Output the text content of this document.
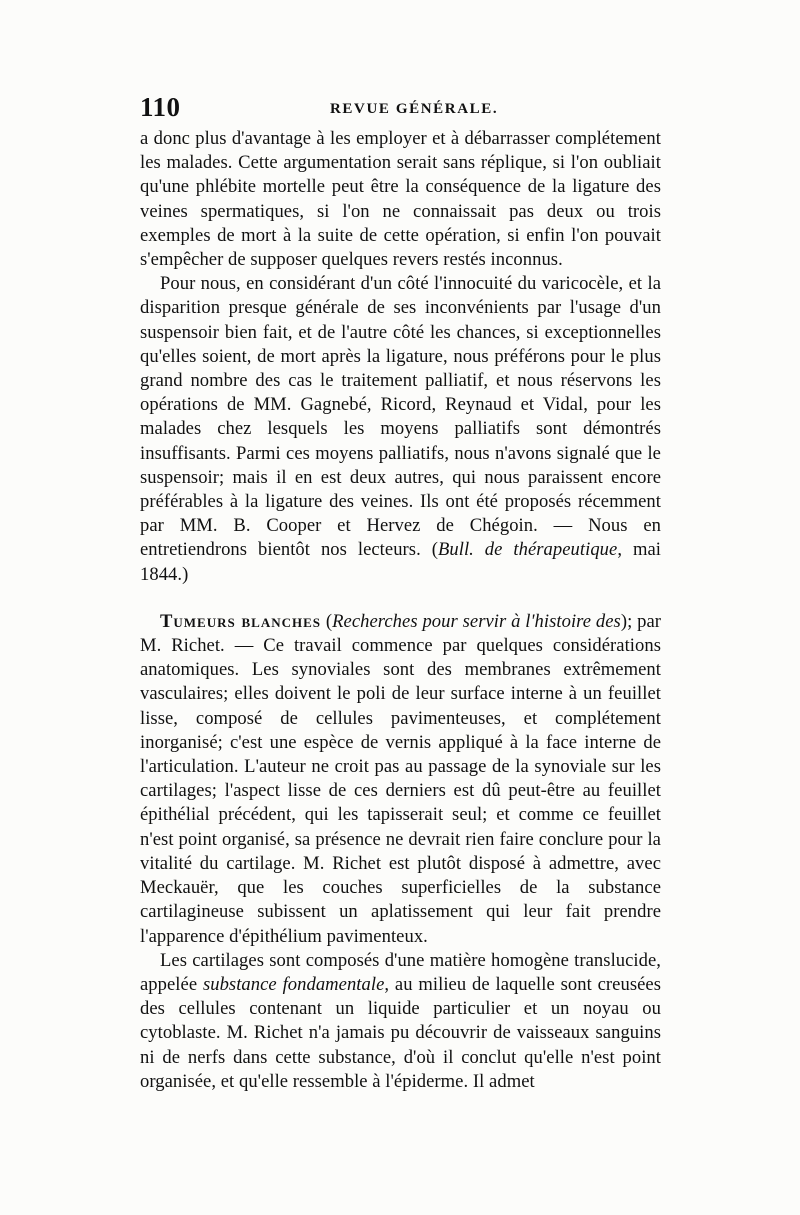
110	REVUE GÉNÉRALE.

a donc plus d'avantage à les employer et à débarrasser complétement les malades. Cette argumentation serait sans réplique, si l'on oubliait qu'une phlébite mortelle peut être la conséquence de la ligature des veines spermatiques, si l'on ne connaissait pas deux ou trois exemples de mort à la suite de cette opération, si enfin l'on pouvait s'empêcher de supposer quelques revers restés inconnus.

Pour nous, en considérant d'un côté l'innocuité du varicocèle, et la disparition presque générale de ses inconvénients par l'usage d'un suspensoir bien fait, et de l'autre côté les chances, si exceptionnelles qu'elles soient, de mort après la ligature, nous préférons pour le plus grand nombre des cas le traitement palliatif, et nous réservons les opérations de MM. Gagnebé, Ricord, Reynaud et Vidal, pour les malades chez lesquels les moyens palliatifs sont démontrés insuffisants. Parmi ces moyens palliatifs, nous n'avons signalé que le suspensoir; mais il en est deux autres, qui nous paraissent encore préférables à la ligature des veines. Ils ont été proposés récemment par MM. B. Cooper et Hervez de Chégoin. — Nous en entretiendrons bientôt nos lecteurs. (Bull. de thérapeutique, mai 1844.)

Tumeurs blanches (Recherches pour servir à l'histoire des); par M. Richet. — Ce travail commence par quelques considérations anatomiques. Les synoviales sont des membranes extrêmement vasculaires; elles doivent le poli de leur surface interne à un feuillet lisse, composé de cellules pavimenteuses, et complétement inorganisé; c'est une espèce de vernis appliqué à la face interne de l'articulation. L'auteur ne croit pas au passage de la synoviale sur les cartilages; l'aspect lisse de ces derniers est dû peut-être au feuillet épithélial précédent, qui les tapisserait seul; et comme ce feuillet n'est point organisé, sa présence ne devrait rien faire conclure pour la vitalité du cartilage. M. Richet est plutôt disposé à admettre, avec Meckauër, que les couches superficielles de la substance cartilagineuse subissent un aplatissement qui leur fait prendre l'apparence d'épithélium pavimenteux.

Les cartilages sont composés d'une matière homogène translucide, appelée substance fondamentale, au milieu de laquelle sont creusées des cellules contenant un liquide particulier et un noyau ou cytoblaste. M. Richet n'a jamais pu découvrir de vaisseaux sanguins ni de nerfs dans cette substance, d'où il conclut qu'elle n'est point organisée, et qu'elle ressemble à l'épiderme. Il admet
